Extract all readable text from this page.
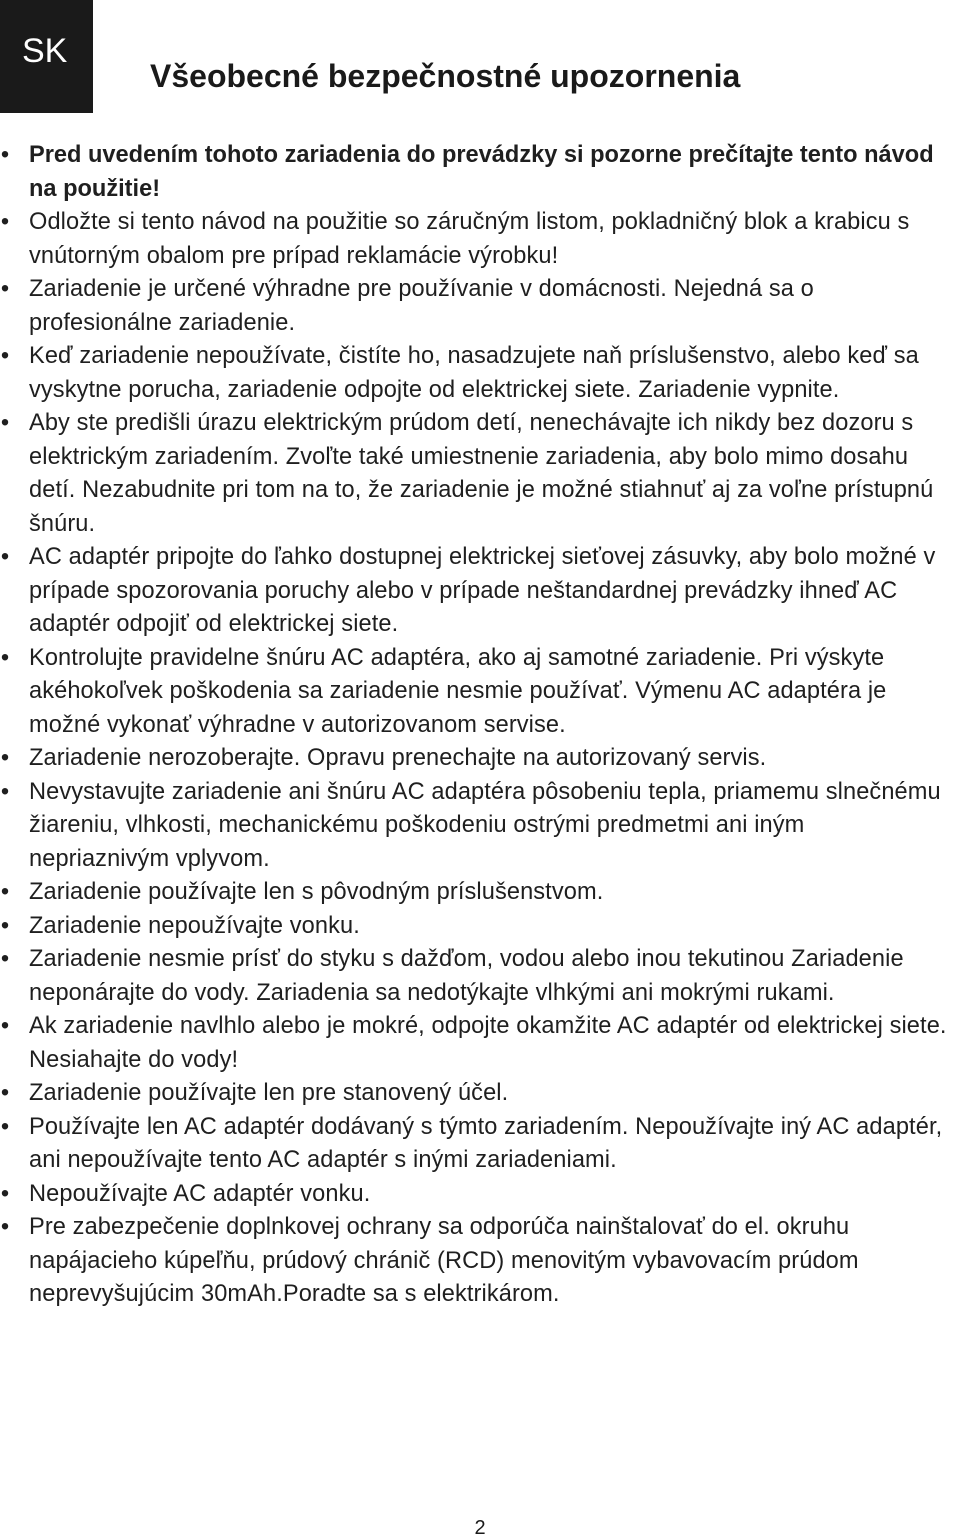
SK
Všeobecné bezpečnostné upozornenia
• Pred uvedením tohoto zariadenia do prevádzky si pozorne prečítajte tento návod na použitie!
• Odložte si tento návod na použitie so záručným listom, pokladničný blok a krabicu s vnútorným obalom pre prípad reklamácie výrobku!
• Zariadenie je určené výhradne pre používanie v domácnosti. Nejedná sa o profesionálne zariadenie.
• Keď zariadenie nepoužívate, čistíte ho, nasadzujete naň príslušenstvo, alebo keď sa vyskytne porucha, zariadenie odpojte od elektrickej siete. Zariadenie vypnite.
• Aby ste predišli úrazu elektrickým prúdom detí, nenechávajte ich nikdy bez dozoru s elektrickým zariadením. Zvoľte také umiestnenie zariadenia, aby bolo mimo dosahu detí. Nezabudnite pri tom na to, že zariadenie je možné stiahnuť aj za voľne prístupnú šnúru.
• AC adaptér pripojte do ľahko dostupnej elektrickej sieťovej zásuvky, aby bolo možné v prípade spozorovania poruchy alebo v prípade neštandardnej prevádzky ihneď AC adaptér odpojiť od elektrickej siete.
• Kontrolujte pravidelne šnúru AC adaptéra, ako aj samotné zariadenie. Pri výskyte akéhokoľvek poškodenia sa zariadenie nesmie používať. Výmenu AC adaptéra je možné vykonať výhradne v autorizovanom servise.
• Zariadenie nerozoberajte. Opravu prenechajte na autorizovaný servis.
• Nevystavujte zariadenie ani šnúru AC adaptéra pôsobeniu tepla, priamemu slnečnému žiareniu, vlhkosti, mechanickému poškodeniu ostrými predmetmi ani iným nepriaznivým vplyvom.
• Zariadenie používajte len s pôvodným príslušenstvom.
• Zariadenie nepoužívajte vonku.
• Zariadenie nesmie prísť do styku s dažďom, vodou alebo inou tekutinou Zariadenie neponárajte do vody. Zariadenia sa nedotýkajte vlhkými ani mokrými rukami.
• Ak zariadenie navlhlo alebo je mokré, odpojte okamžite AC adaptér od elektrickej siete. Nesiahajte do vody!
• Zariadenie používajte len pre stanovený účel.
• Používajte len AC adaptér dodávaný s týmto zariadením. Nepoužívajte iný AC adaptér, ani nepoužívajte tento AC adaptér s inými zariadeniami.
• Nepoužívajte AC adaptér vonku.
• Pre zabezpečenie doplnkovej ochrany sa odporúča nainštalovať do el. okruhu napájacieho kúpeľňu, prúdový chránič (RCD) menovitým vybavovacím prúdom neprevyšujúcim 30mAh.Poradte sa s elektrikárom.
2
